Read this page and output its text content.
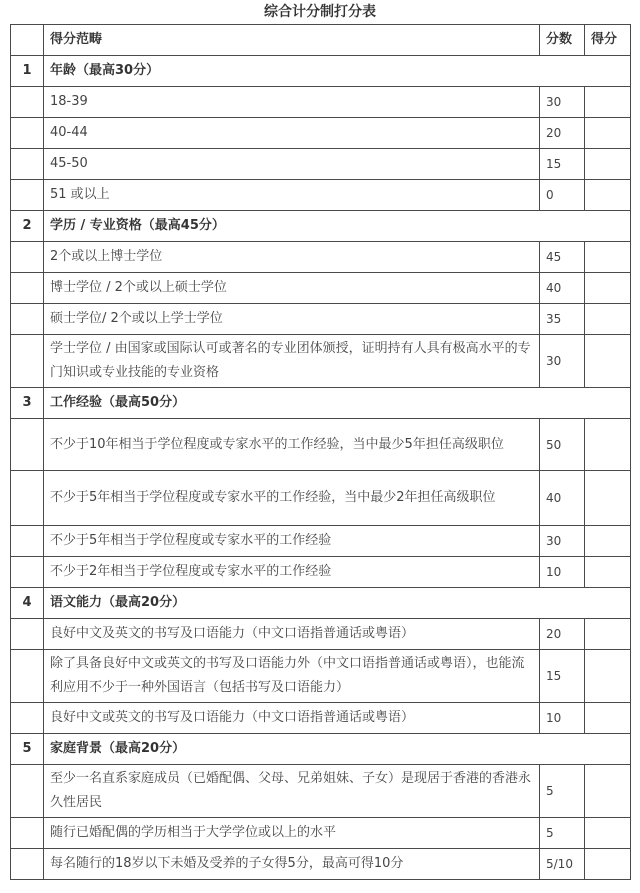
综合计分制打分表
	得分范畴	分数	得分
1	年龄（最高30分）		
	18-39	30	
	40-44	20	
	45-50	15	
	51 或以上	0	
2	学历 / 专业资格（最高45分）		
	2个或以上博士学位	45	
	博士学位 / 2个或以上硕士学位	40	
	硕士学位/ 2个或以上学士学位	35	
	学士学位 / 由国家或国际认可或著名的专业团体颁授，证明持有人具有极高水平的专门知识或专业技能的专业资格	30	
3	工作经验（最高50分）		
	不少于10年相当于学位程度或专家水平的工作经验，当中最少5年担任高级职位	50	
	不少于5年相当于学位程度或专家水平的工作经验，当中最少2年担任高级职位	40	
	不少于5年相当于学位程度或专家水平的工作经验	30	
	不少于2年相当于学位程度或专家水平的工作经验	10	
4	语文能力（最高20分）		
	良好中文及英文的书写及口语能力（中文口语指普通话或粤语）	20	
	除了具备良好中文或英文的书写及口语能力外（中文口语指普通话或粤语），也能流利应用不少于一种外国语言（包括书写及口语能力）	15	
	良好中文或英文的书写及口语能力（中文口语指普通话或粤语）	10	
5	家庭背景（最高20分）		
	至少一名直系家庭成员（已婚配偶、父母、兄弟姐妹、子女）是现居于香港的香港永久性居民	5	
	随行已婚配偶的学历相当于大学学位或以上的水平	5	
	每名随行的18岁以下未婚及受养的子女得5分，最高可得10分	5/10	
